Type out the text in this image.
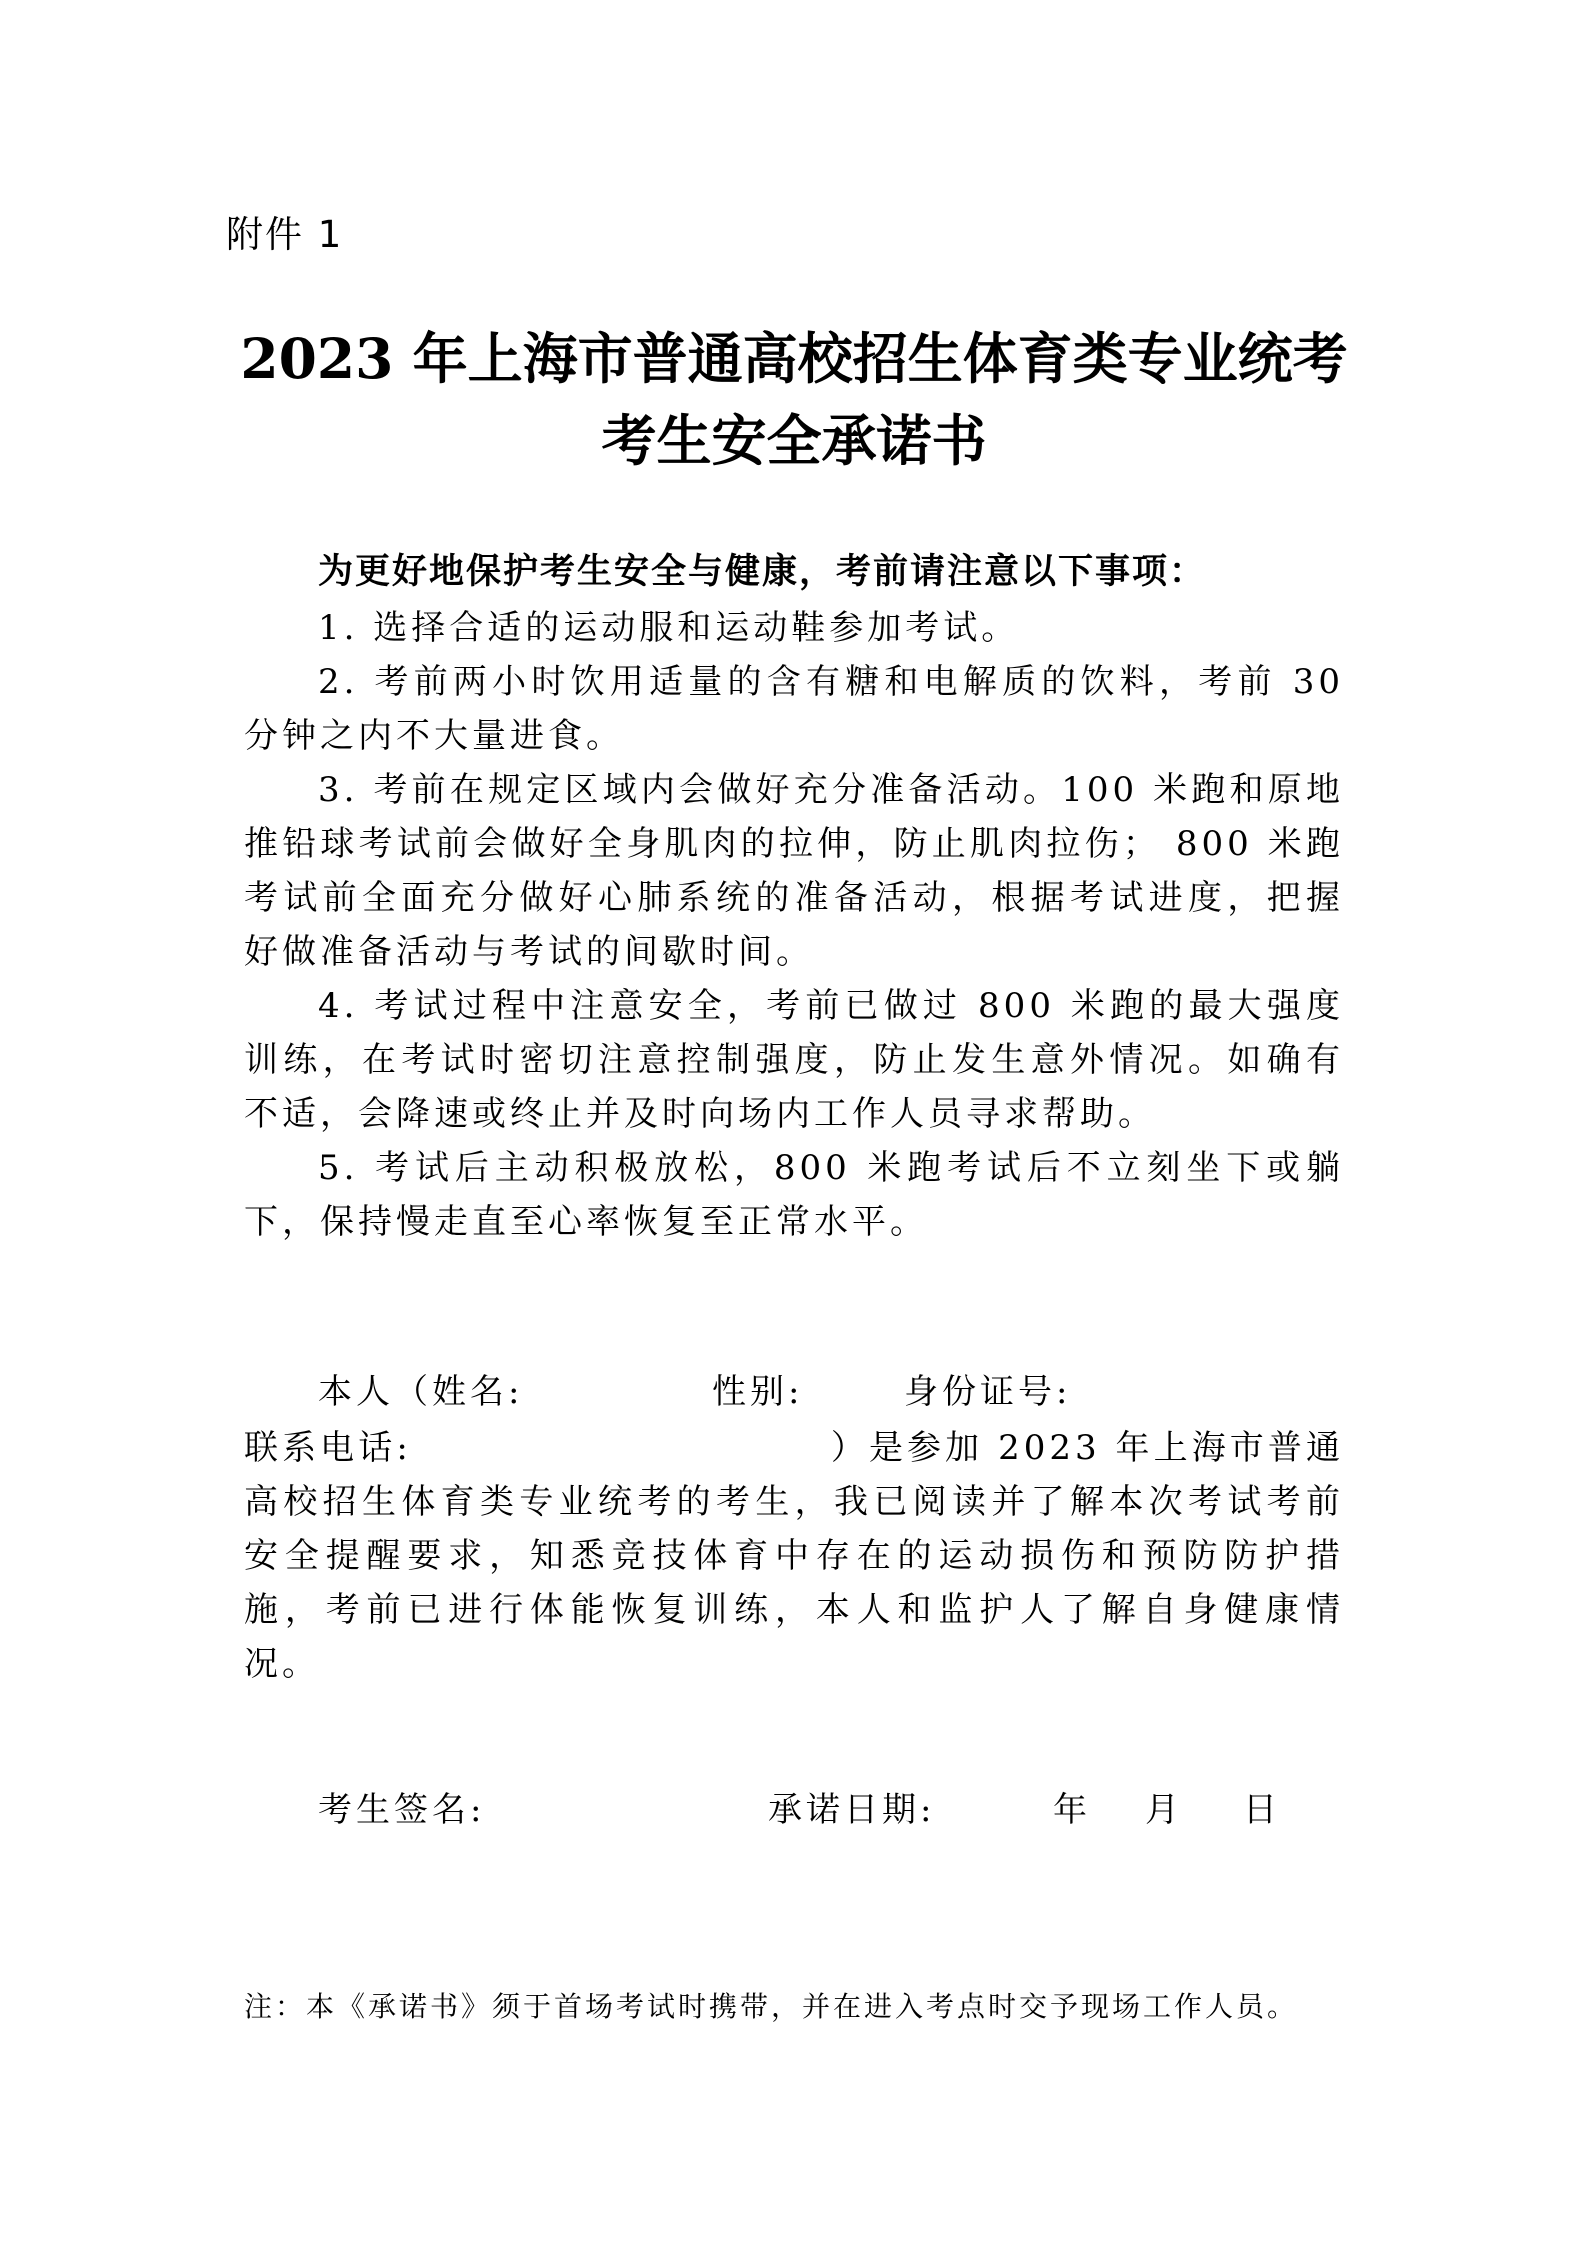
附件 1
2023 年上海市普通高校招生体育类专业统考
考生安全承诺书
为更好地保护考生安全与健康，考前请注意以下事项：

1. 选择合适的运动服和运动鞋参加考试。

2. 考前两小时饮用适量的含有糖和电解质的饮料，考前 30 分钟之内不大量进食。

3. 考前在规定区域内会做好充分准备活动。100 米跑和原地推铅球考试前会做好全身肌肉的拉伸，防止肌肉拉伤； 800 米跑考试前全面充分做好心肺系统的准备活动，根据考试进度，把握好做准备活动与考试的间歇时间。

4. 考试过程中注意安全，考前已做过 800 米跑的最大强度训练，在考试时密切注意控制强度，防止发生意外情况。如确有不适，会降速或终止并及时向场内工作人员寻求帮助。

5. 考试后主动积极放松，800 米跑考试后不立刻坐下或躺下，保持慢走直至心率恢复至正常水平。

本人（姓名:	性别:	身份证号:

联系电话:　　　　　　　　　　　）是参加 2023 年上海市普通高校招生体育类专业统考的考生，我已阅读并了解本次考试考前安全提醒要求，知悉竞技体育中存在的运动损伤和预防防护措施，考前已进行体能恢复训练，本人和监护人了解自身健康情况。

考生签名:	承诺日期:	年 月 日
注：本《承诺书》须于首场考试时携带，并在进入考点时交予现场工作人员。
